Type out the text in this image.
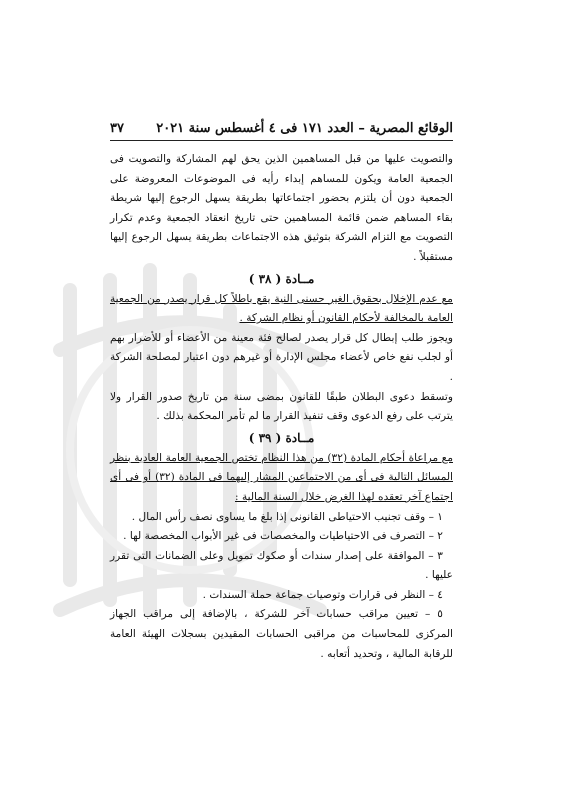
الوقائع المصرية – العدد ١٧١ فى ٤ أغسطس سنة ٢٠٢١
٣٧

والتصويت عليها من قبل المساهمين الذين يحق لهم المشاركة والتصويت فى الجمعية العامة ويكون للمساهم إبداء رأيه فى الموضوعات المعروضة على الجمعية دون أن يلتزم بحضور اجتماعاتها بطريقة يسهل الرجوع إليها شريطة بقاء المساهم ضمن قائمة المساهمين حتى تاريخ انعقاد الجمعية وعدم تكرار التصويت مع التزام الشركة بتوثيق هذه الاجتماعات بطريقة يسهل الرجوع إليها مستقبلاً .

مــادة ( ٣٨ )

مع عدم الإخلال بحقوق الغير حسنى النية يقع باطلاً كل قرار يصدر من الجمعية العامة بالمخالفة لأحكام القانون أو نظام الشركة .

ويجوز طلب إبطال كل قرار يصدر لصالح فئة معينة من الأعضاء أو للأضرار بهم أو لجلب نفع خاص لأعضاء مجلس الإدارة أو غيرهم دون اعتبار لمصلحة الشركة .

وتسقط دعوى البطلان طبقًا للقانون بمضى سنة من تاريخ صدور القرار ولا يترتب على رفع الدعوى وقف تنفيذ القرار ما لم تأمر المحكمة بذلك .

مــادة ( ٣٩ )

مع مراعاة أحكام المادة (٣٢) من هذا النظام تختص الجمعية العامة العادية بنظر المسائل التالية فى أى من الاجتماعين المشار إليهما فى المادة (٣٢) أو فى أى اجتماع آخر تعقده لهذا الغرض خلال السنة المالية :

١ – وقف تجنيب الاحتياطى القانونى إذا بلغ ما يساوى نصف رأس المال .

٢ – التصرف فى الاحتياطيات والمخصصات فى غير الأبواب المخصصة لها .

٣ – الموافقة على إصدار سندات أو صكوك تمويل وعلى الضمانات التى تقرر عليها .

٤ – النظر فى قرارات وتوصيات جماعة حملة السندات .

٥ – تعيين مراقب حسابات آخر للشركة ، بالإضافة إلى مراقب الجهاز المركزى للمحاسبات من مراقبى الحسابات المقيدين بسجلات الهيئة العامة للرقابة المالية ، وتحديد أتعابه .
